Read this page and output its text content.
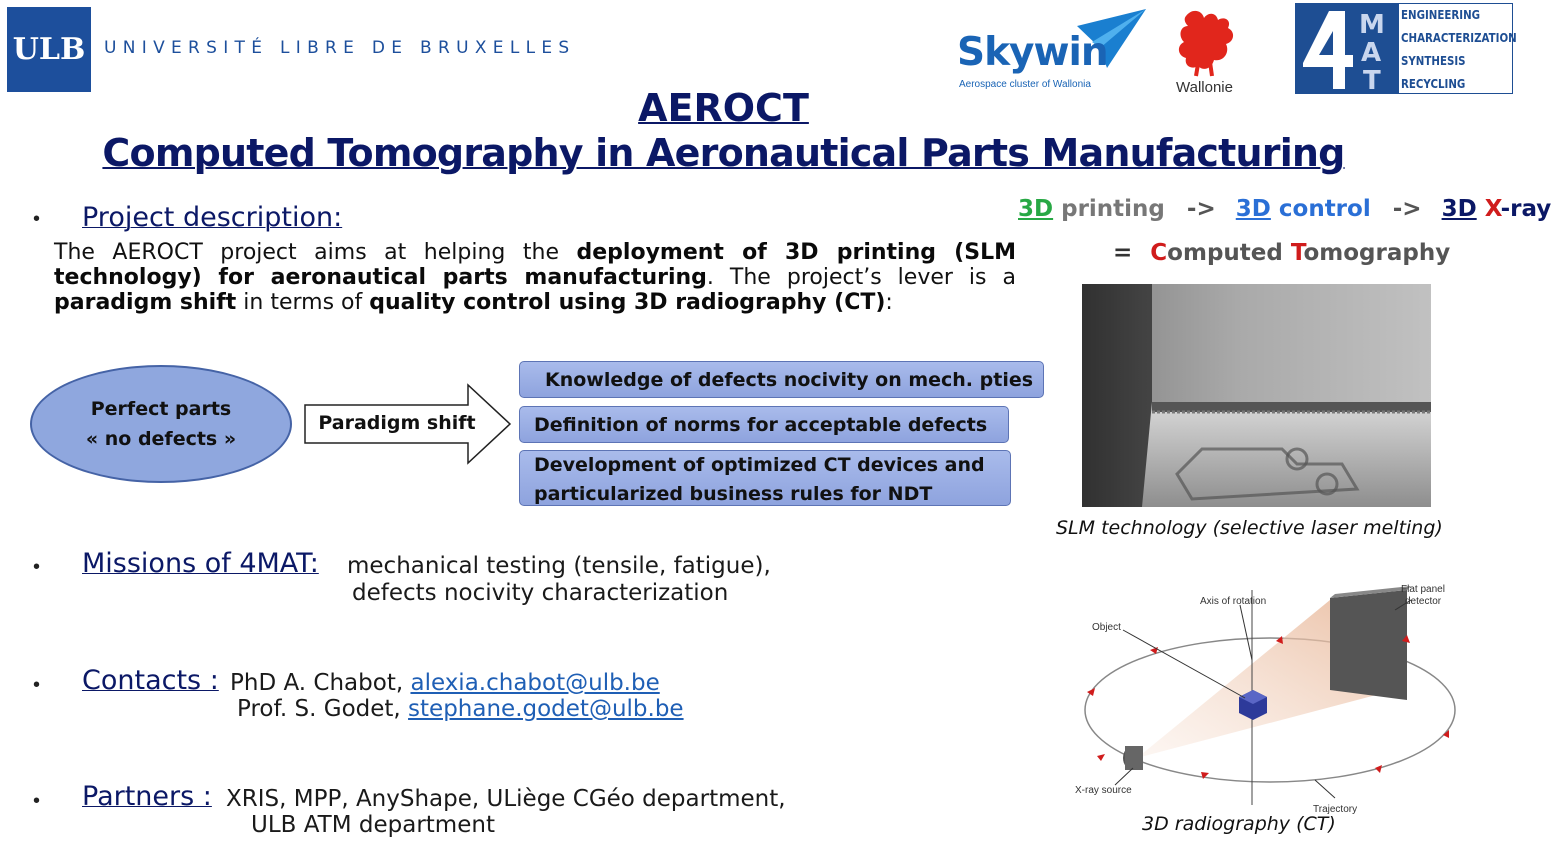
ULB	UNIVERSITÉ LIBRE DE BRUXELLES	Skywin
Aerospace cluster of Wallonia	Wallonie
M
A
T
ENGINEERING
CHARACTERIZATION
SYNTHESIS
RECYCLING
AEROCT
Computed Tomography in Aeronautical Parts Manufacturing
• Project description:
The AEROCT project aims at helping the deployment of 3D printing (SLM technology) for aeronautical parts manufacturing. The project’s lever is a paradigm shift in terms of quality control using 3D radiography (CT):
Perfect parts
« no defects »
Paradigm shift
Knowledge of defects nocivity on mech. pties
Definition of norms for acceptable defects
Development of optimized CT devices and
particularized business rules for NDT
• Missions of 4MAT: mechanical testing (tensile, fatigue),
defects nocivity characterization
• Contacts : PhD A. Chabot, alexia.chabot@ulb.be
Prof. S. Godet, stephane.godet@ulb.be
• Partners : XRIS, MPP, AnyShape, ULiège CGéo department,
ULB ATM department
3D printing -> 3D control -> 3D X-ray
= Computed Tomography
SLM technology (selective laser melting)
Axis of rotation
Flat panel
detector
Object
X-ray source
Trajectory
3D radiography (CT)
